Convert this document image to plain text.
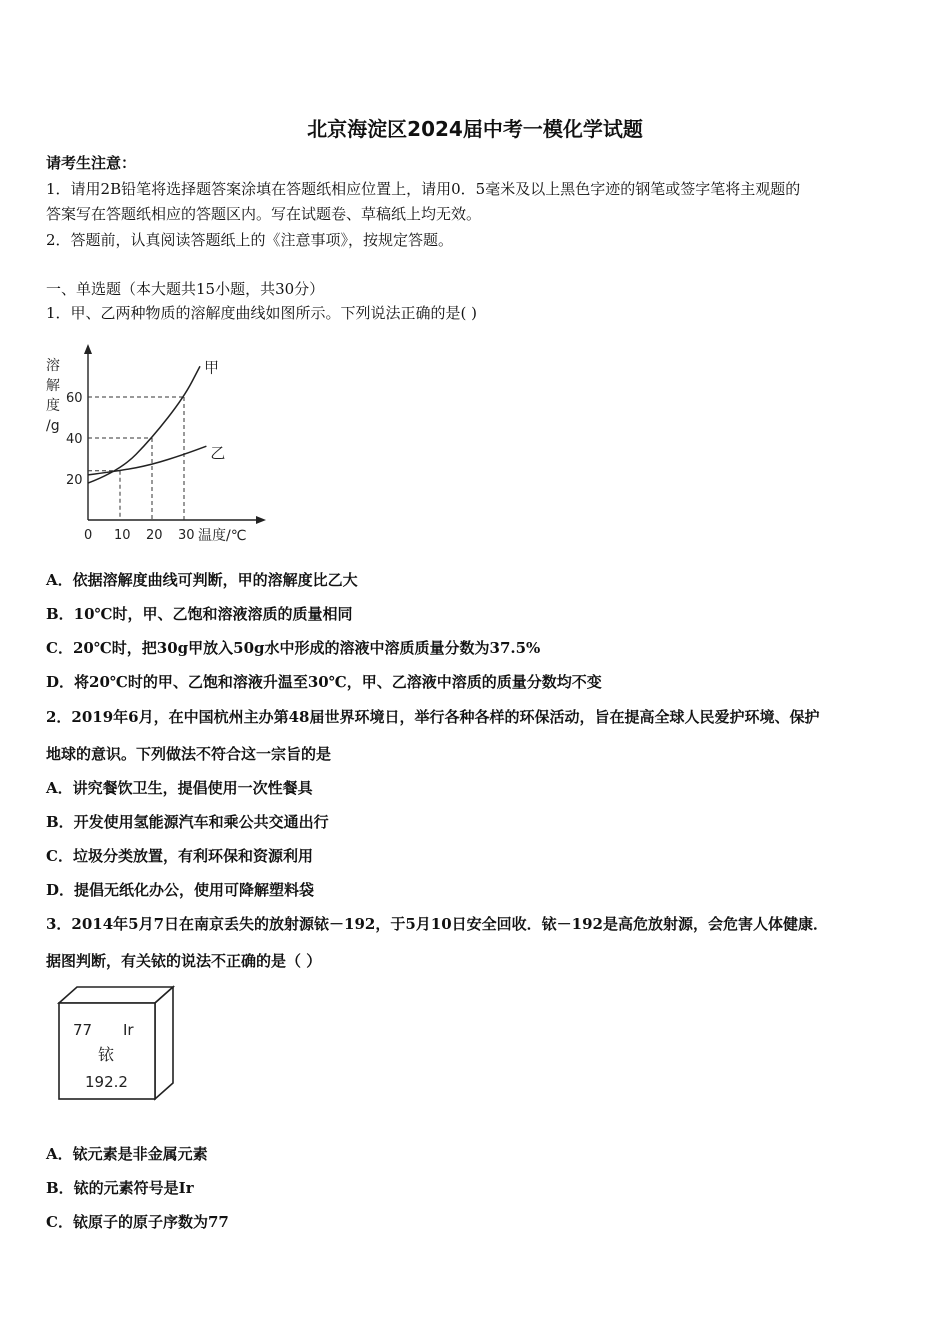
北京海淀区2024届中考一模化学试题
请考生注意：
1．请用2B铅笔将选择题答案涂填在答题纸相应位置上，请用0．5毫米及以上黑色字迹的钢笔或签字笔将主观题的
答案写在答题纸相应的答题区内。写在试题卷、草稿纸上均无效。
2．答题前，认真阅读答题纸上的《注意事项》，按规定答题。
一、单选题（本大题共15小题，共30分）
1．甲、乙两种物质的溶解度曲线如图所示。下列说法正确的是( )
甲
乙
20
40
60
0 10 20 30 温度/℃
溶
解
度
/g
A．依据溶解度曲线可判断，甲的溶解度比乙大
B．10℃时，甲、乙饱和溶液溶质的质量相同
C．20℃时，把30g甲放入50g水中形成的溶液中溶质质量分数为37.5%
D．将20℃时的甲、乙饱和溶液升温至30℃，甲、乙溶液中溶质的质量分数均不变
2．2019年6月，在中国杭州主办第48届世界环境日，举行各种各样的环保活动，旨在提高全球人民爱护环境、保护
地球的意识。下列做法不符合这一宗旨的是
A．讲究餐饮卫生，提倡使用一次性餐具
B．开发使用氢能源汽车和乘公共交通出行
C．垃圾分类放置，有利环保和资源利用
D．提倡无纸化办公，使用可降解塑料袋
3．2014年5月7日在南京丢失的放射源铱－192，于5月10日安全回收．铱－192是高危放射源，会危害人体健康．
据图判断，有关铱的说法不正确的是（ ）
77 Ir
铱
192.2
A．铱元素是非金属元素
B．铱的元素符号是Ir
C．铱原子的原子序数为77
